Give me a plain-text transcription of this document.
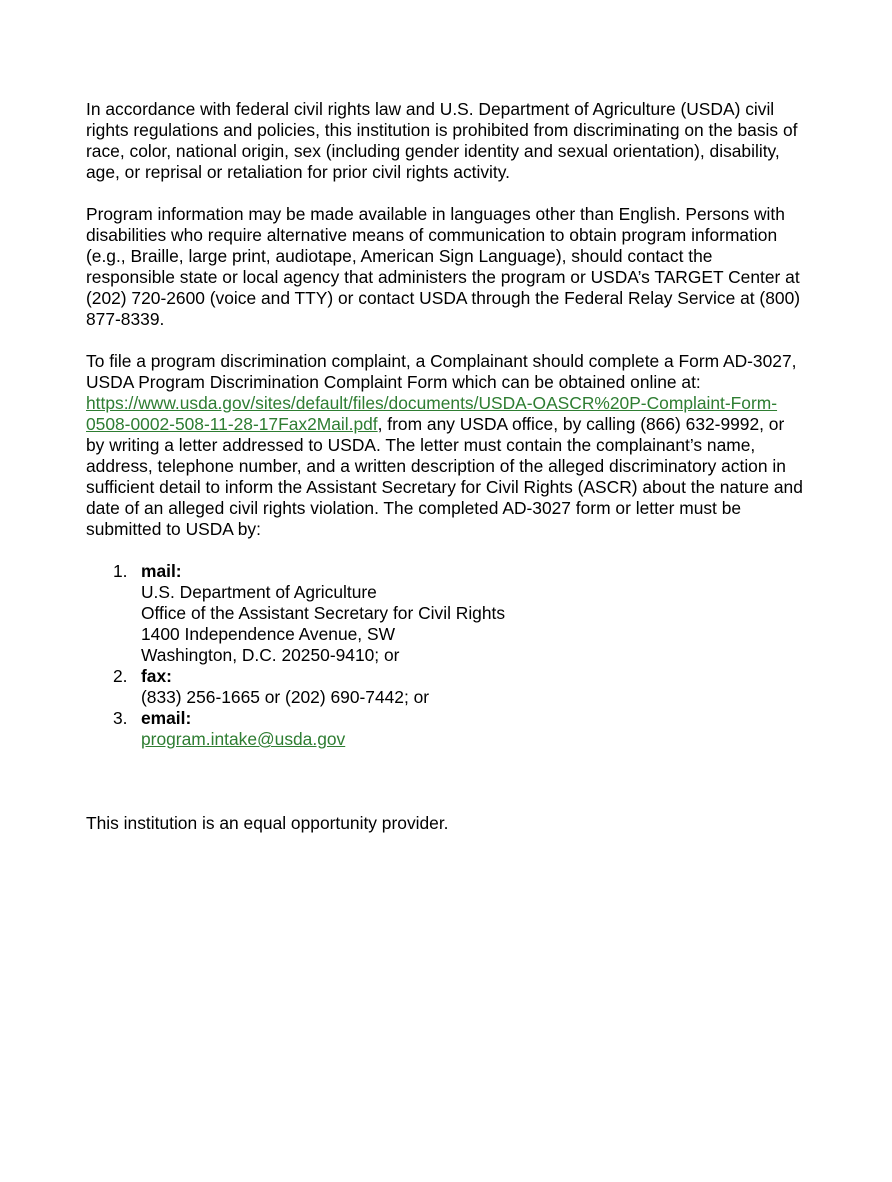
In accordance with federal civil rights law and U.S. Department of Agriculture (USDA) civil rights regulations and policies, this institution is prohibited from discriminating on the basis of race, color, national origin, sex (including gender identity and sexual orientation), disability, age, or reprisal or retaliation for prior civil rights activity.

Program information may be made available in languages other than English. Persons with disabilities who require alternative means of communication to obtain program information (e.g., Braille, large print, audiotape, American Sign Language), should contact the responsible state or local agency that administers the program or USDA’s TARGET Center at (202) 720-2600 (voice and TTY) or contact USDA through the Federal Relay Service at (800) 877-8339.

To file a program discrimination complaint, a Complainant should complete a Form AD-3027, USDA Program Discrimination Complaint Form which can be obtained online at: https://www.usda.gov/sites/default/files/documents/USDA-OASCR%20P-Complaint-Form-0508-0002-508-11-28-17Fax2Mail.pdf, from any USDA office, by calling (866) 632-9992, or by writing a letter addressed to USDA. The letter must contain the complainant’s name, address, telephone number, and a written description of the alleged discriminatory action in sufficient detail to inform the Assistant Secretary for Civil Rights (ASCR) about the nature and date of an alleged civil rights violation. The completed AD-3027 form or letter must be submitted to USDA by:

1. mail:
U.S. Department of Agriculture
Office of the Assistant Secretary for Civil Rights
1400 Independence Avenue, SW
Washington, D.C. 20250-9410; or
2. fax:
(833) 256-1665 or (202) 690-7442; or
3. email:
program.intake@usda.gov

This institution is an equal opportunity provider.
